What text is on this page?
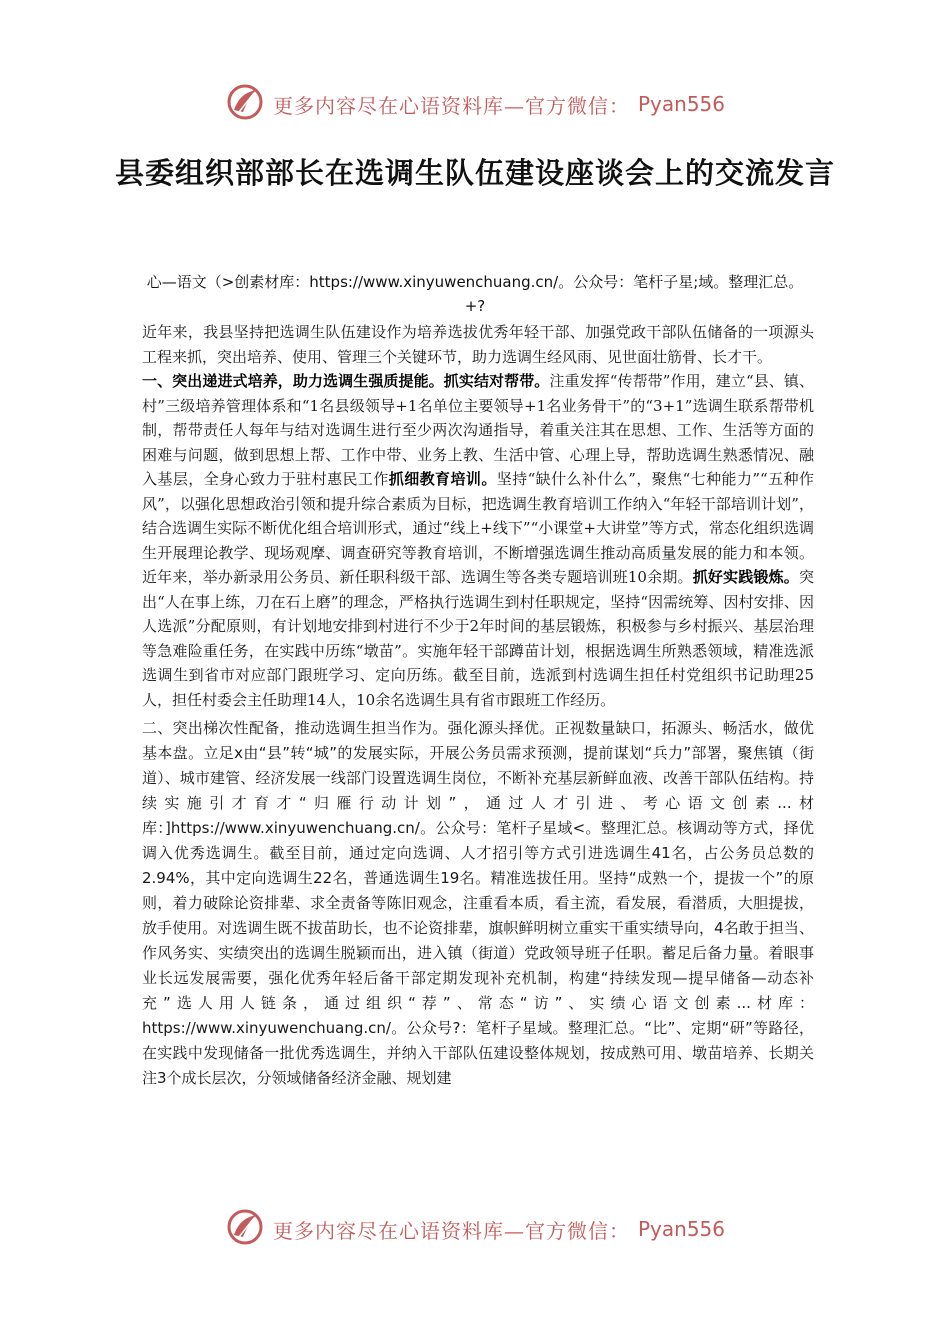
更多内容尽在心语资料库—官方微信： Pyan556
县委组织部部长在选调生队伍建设座谈会上的交流发言
心—语文（>创素材库：https://www.xinyuwenchuang.cn/。公众号：笔杆子星;域。整理汇总。+?

近年来，我县坚持把选调生队伍建设作为培养选拔优秀年轻干部、加强党政干部队伍储备的一项源头工程来抓，突出培养、使用、管理三个关键环节，助力选调生经风雨、见世面壮筋骨、长才干。

一、突出递进式培养，助力选调生强质提能。抓实结对帮带。注重发挥“传帮带”作用，建立“县、镇、村”三级培养管理体系和“1名县级领导+1名单位主要领导+1名业务骨干”的“3+1”选调生联系帮带机制，帮带责任人每年与结对选调生进行至少两次沟通指导，着重关注其在思想、工作、生活等方面的困难与问题，做到思想上帮、工作中带、业务上教、生活中管、心理上导，帮助选调生熟悉情况、融入基层，全身心致力于驻村惠民工作抓细教育培训。坚持“缺什么补什么”，聚焦“七种能力”“五种作风”，以强化思想政治引领和提升综合素质为目标，把选调生教育培训工作纳入“年轻干部培训计划”，结合选调生实际不断优化组合培训形式，通过“线上+线下”“小课堂+大讲堂”等方式，常态化组织选调生开展理论教学、现场观摩、调查研究等教育培训，不断增强选调生推动高质量发展的能力和本领。近年来，举办新录用公务员、新任职科级干部、选调生等各类专题培训班10余期。抓好实践锻炼。突出“人在事上练，刀在石上磨”的理念，严格执行选调生到村任职规定，坚持“因需统筹、因村安排、因人选派”分配原则，有计划地安排到村进行不少于2年时间的基层锻炼，积极参与乡村振兴、基层治理等急难险重任务，在实践中历练“墩苗”。实施年轻干部蹲苗计划，根据选调生所熟悉领域，精准选派选调生到省市对应部门跟班学习、定向历练。截至目前，选派到村选调生担任村党组织书记助理25人，担任村委会主任助理14人，10余名选调生具有省市跟班工作经历。

二、突出梯次性配备，推动选调生担当作为。强化源头择优。正视数量缺口，拓源头、畅活水，做优基本盘。立足x由“县”转“城”的发展实际，开展公务员需求预测，提前谋划“兵力”部署，聚焦镇（街道）、城市建管、经济发展一线部门设置选调生岗位，不断补充基层新鲜血液、改善干部队伍结构。持续实施引才育才“归雁行动计划”，通过人才引进、考心语文创素...材库：]https://www.xinyuwenchuang.cn/。公众号：笔杆子星域<。整理汇总。核调动等方式，择优调入优秀选调生。截至目前，通过定向选调、人才招引等方式引进选调生41名，占公务员总数的2.94%，其中定向选调生22名，普通选调生19名。精准选拔任用。坚持“成熟一个，提拔一个”的原则，着力破除论资排辈、求全责备等陈旧观念，注重看本质，看主流，看发展，看潜质，大胆提拔，放手使用。对选调生既不拔苗助长，也不论资排辈，旗帜鲜明树立重实干重实绩导向，4名敢于担当、作风务实、实绩突出的选调生脱颖而出，进入镇（街道）党政领导班子任职。蓄足后备力量。着眼事业长远发展需要，强化优秀年轻后备干部定期发现补充机制，构建“持续发现—提早储备—动态补充”选人用人链条，通过组织“荐”、常态“访”、实绩心语文创素...材库：https://www.xinyuwenchuang.cn/。公众号?：笔杆子星域。整理汇总。“比”、定期“研”等路径，在实践中发现储备一批优秀选调生，并纳入干部队伍建设整体规划，按成熟可用、墩苗培养、长期关注3个成长层次，分领域储备经济金融、规划建

更多内容尽在心语资料库—官方微信： Pyan556
